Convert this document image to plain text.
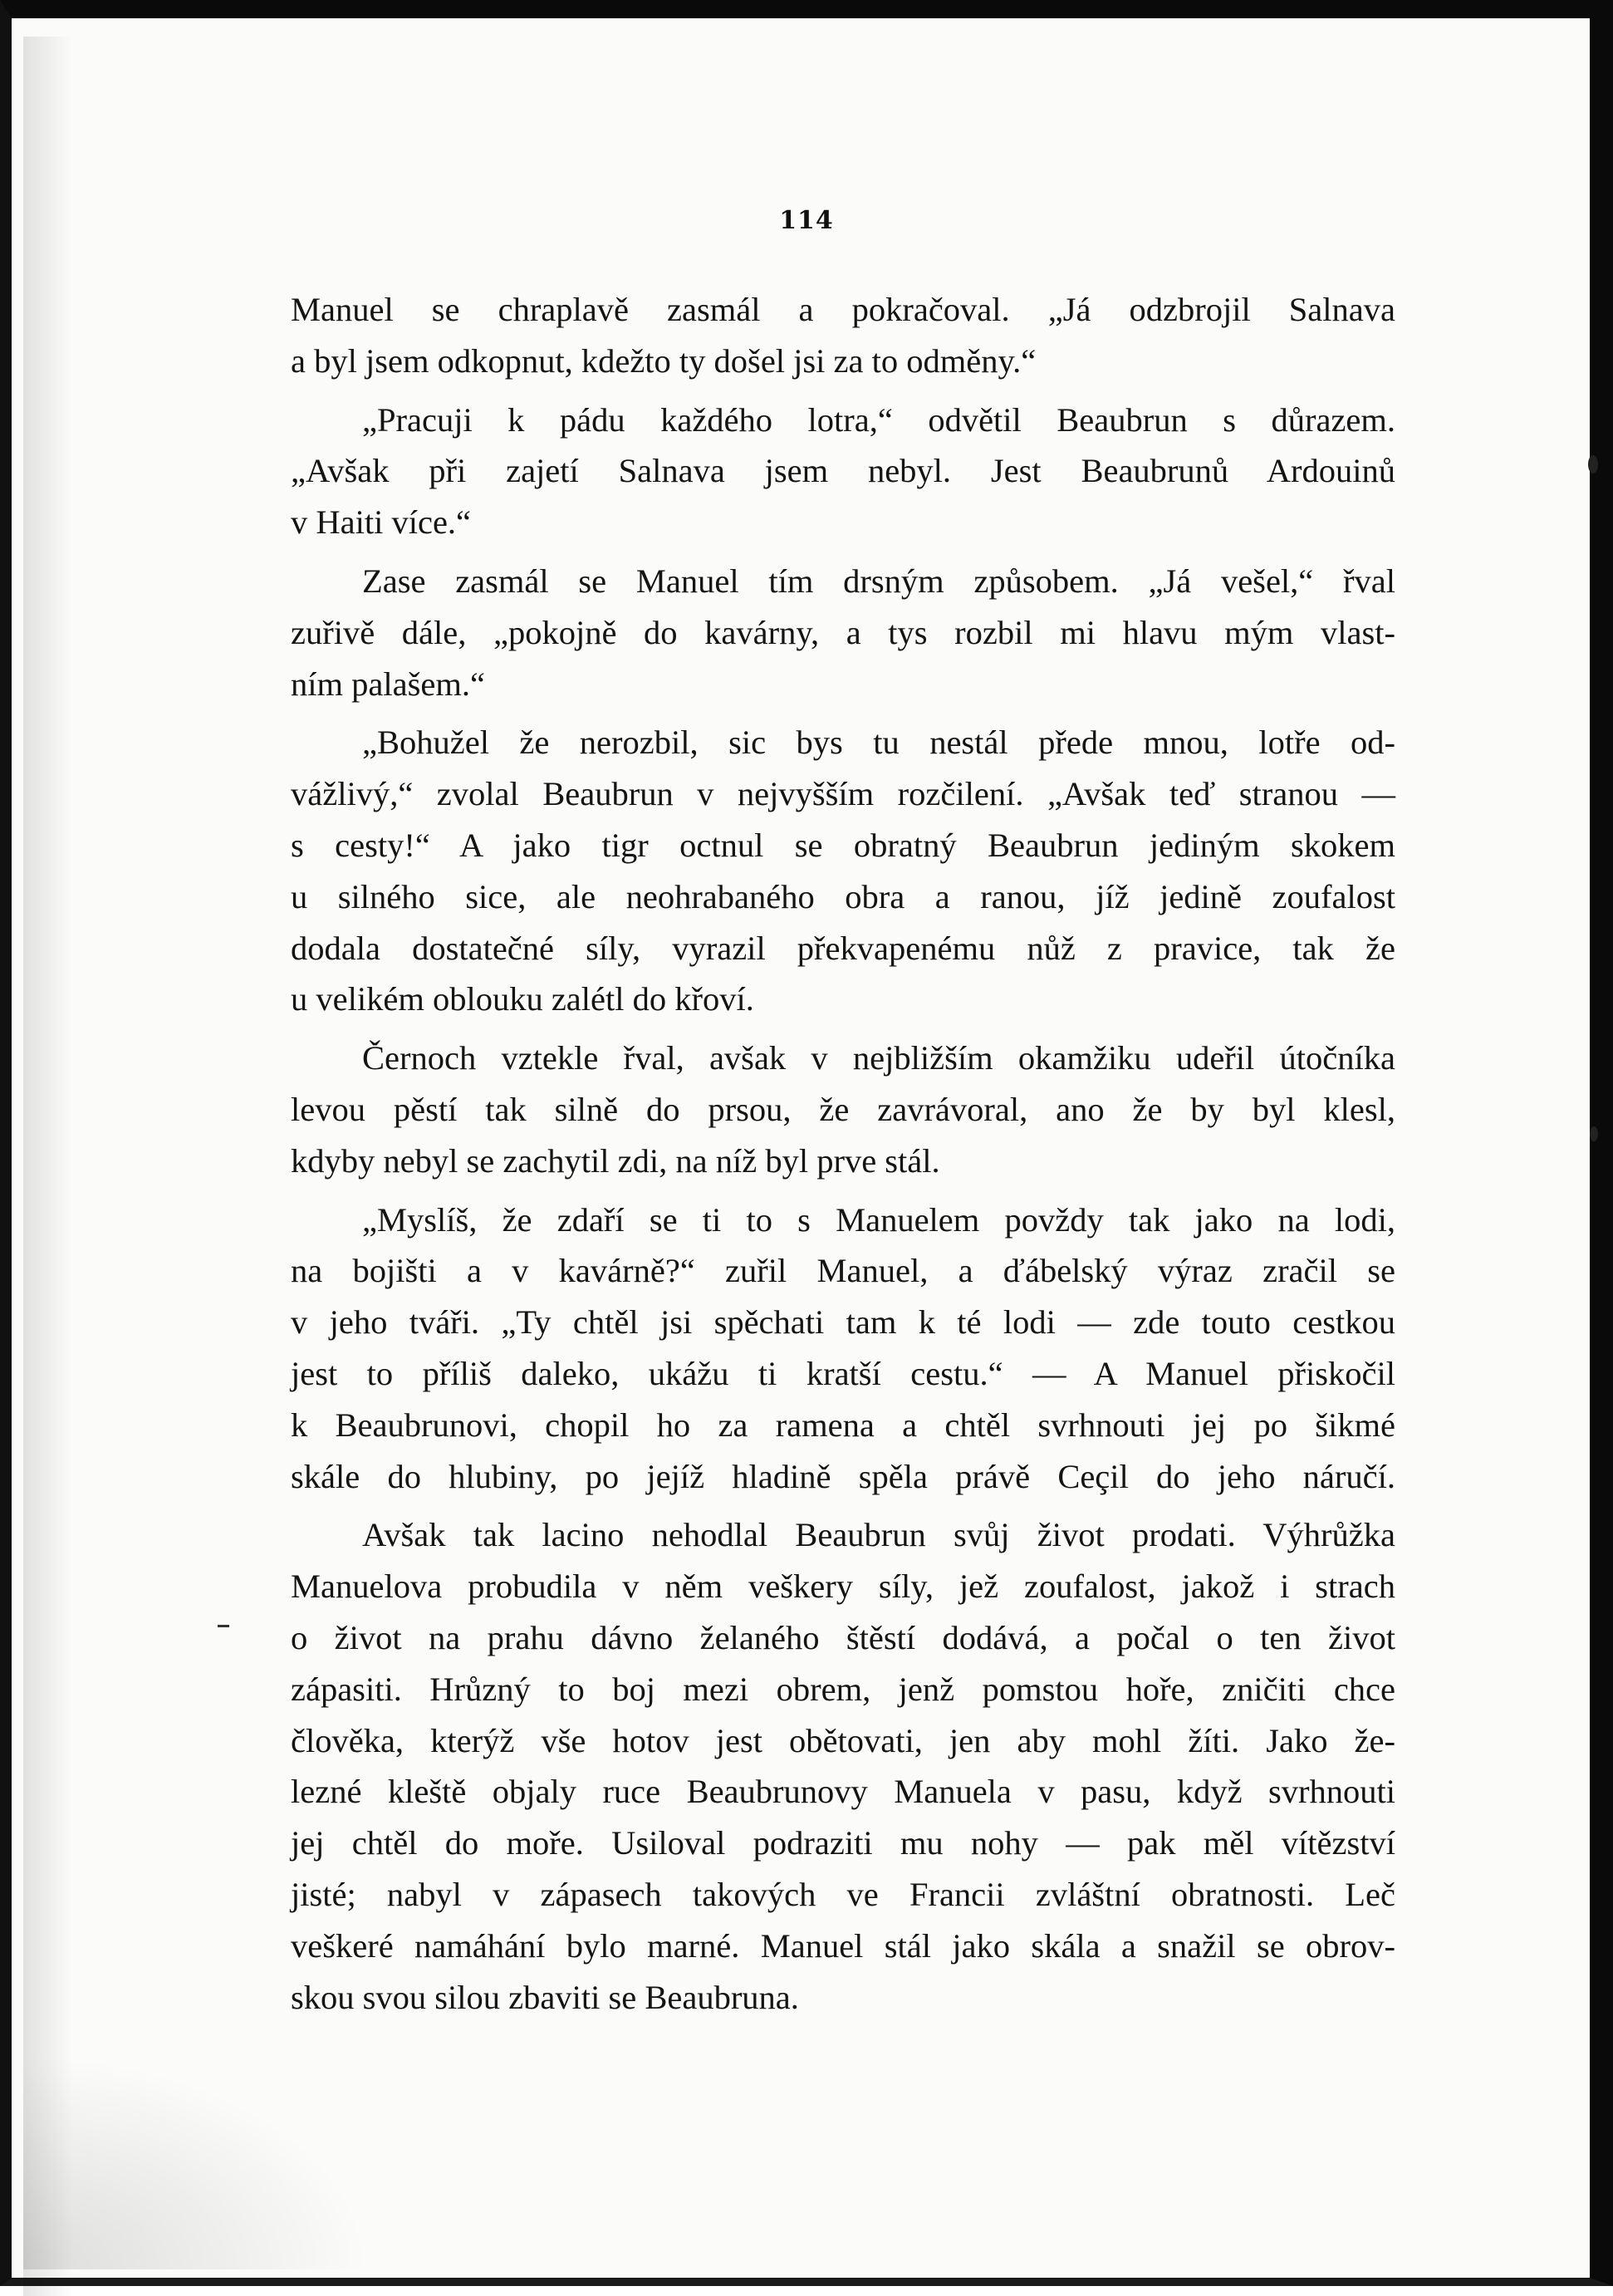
114
Manuel se chraplavě zasmál a pokračoval. „Já odzbrojil Salnava
a byl jsem odkopnut, kdežto ty došel jsi za to odměny.“
„Pracuji k pádu každého lotra,“ odvětil Beaubrun s důrazem.
„Avšak při zajetí Salnava jsem nebyl. Jest Beaubrunů Ardouinů
v Haiti více.“
Zase zasmál se Manuel tím drsným způsobem. „Já vešel,“ řval
zuřivě dále, „pokojně do kavárny, a tys rozbil mi hlavu mým vlast-
ním palašem.“
„Bohužel že nerozbil, sic bys tu nestál přede mnou, lotře od-
vážlivý,“ zvolal Beaubrun v nejvyšším rozčilení. „Avšak teď stranou —
s cesty!“ A jako tigr octnul se obratný Beaubrun jediným skokem
u silného sice, ale neohrabaného obra a ranou, jíž jedině zoufalost
dodala dostatečné síly, vyrazil překvapenému nůž z pravice, tak že
u velikém oblouku zalétl do křoví.
Černoch vztekle řval, avšak v nejbližším okamžiku udeřil útočníka
levou pěstí tak silně do prsou, že zavrávoral, ano že by byl klesl,
kdyby nebyl se zachytil zdi, na níž byl prve stál.
„Myslíš, že zdaří se ti to s Manuelem povždy tak jako na lodi,
na bojišti a v kavárně?“ zuřil Manuel, a ďábelský výraz zračil se
v jeho tváři. „Ty chtěl jsi spěchati tam k té lodi — zde touto cestkou
jest to příliš daleko, ukážu ti kratší cestu.“ — A Manuel přiskočil
k Beaubrunovi, chopil ho za ramena a chtěl svrhnouti jej po šikmé
skále do hlubiny, po jejíž hladině spěla právě Ceçil do jeho náručí.
Avšak tak lacino nehodlal Beaubrun svůj život prodati. Výhrůžka
Manuelova probudila v něm veškery síly, jež zoufalost, jakož i strach
o život na prahu dávno želaného štěstí dodává, a počal o ten život
zápasiti. Hrůzný to boj mezi obrem, jenž pomstou hoře, zničiti chce
člověka, kterýž vše hotov jest obětovati, jen aby mohl žíti. Jako že-
lezné kleště objaly ruce Beaubrunovy Manuela v pasu, když svrhnouti
jej chtěl do moře. Usiloval podraziti mu nohy — pak měl vítězství
jisté; nabyl v zápasech takových ve Francii zvláštní obratnosti. Leč
veškeré namáhání bylo marné. Manuel stál jako skála a snažil se obrov-
skou svou silou zbaviti se Beaubruna.
